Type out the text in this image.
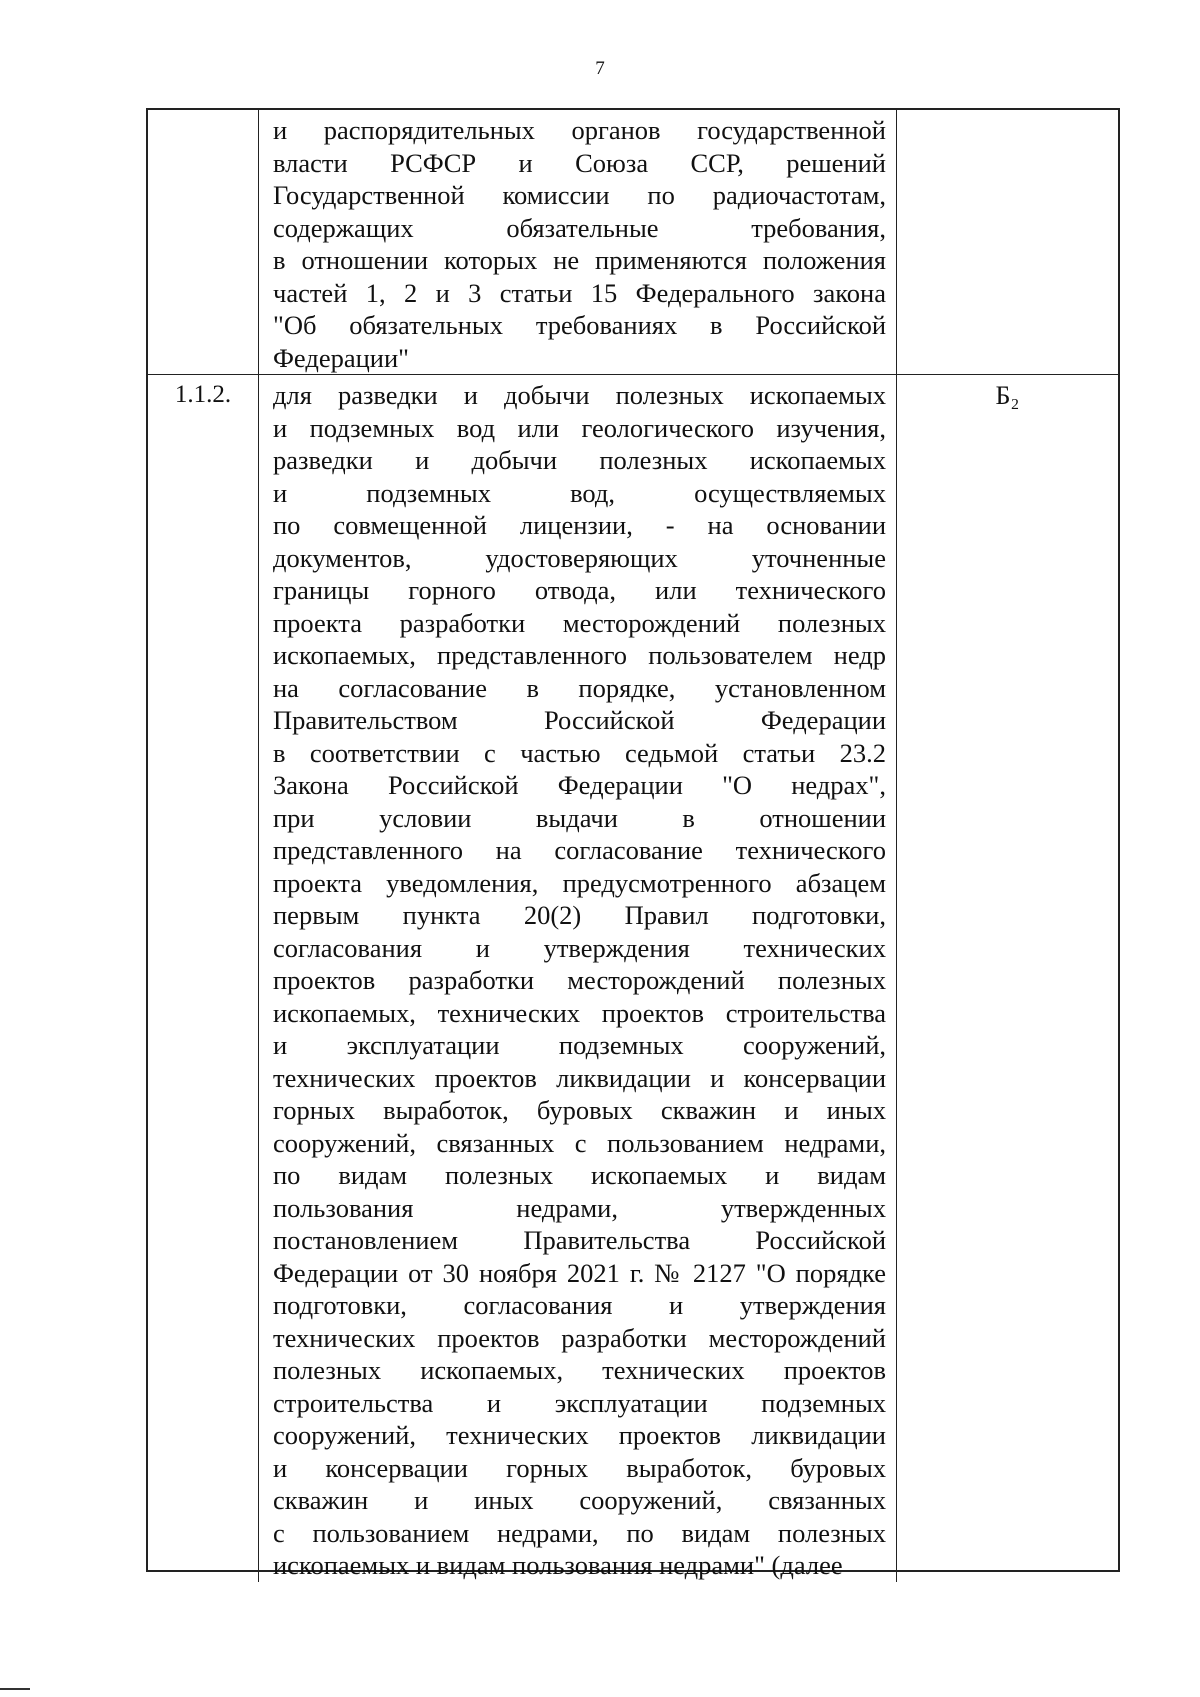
7
и распорядительных органов государственной
власти РСФСР и Союза ССР, решений
Государственной комиссии по радиочастотам,
содержащих обязательные требования,
в отношении которых не применяются положения
частей 1, 2 и 3 статьи 15 Федерального закона
"Об обязательных требованиях в Российской
Федерации"
1.1.2.	для разведки и добычи полезных ископаемых
и подземных вод или геологического изучения,
разведки и добычи полезных ископаемых
и подземных вод, осуществляемых
по совмещенной лицензии, - на основании
документов, удостоверяющих уточненные
границы горного отвода, или технического
проекта разработки месторождений полезных
ископаемых, представленного пользователем недр
на согласование в порядке, установленном
Правительством Российской Федерации
в соответствии с частью седьмой статьи 23.2
Закона Российской Федерации "О недрах",
при условии выдачи в отношении
представленного на согласование технического
проекта уведомления, предусмотренного абзацем
первым пункта 20(2) Правил подготовки,
согласования и утверждения технических
проектов разработки месторождений полезных
ископаемых, технических проектов строительства
и эксплуатации подземных сооружений,
технических проектов ликвидации и консервации
горных выработок, буровых скважин и иных
сооружений, связанных с пользованием недрами,
по видам полезных ископаемых и видам
пользования недрами, утвержденных
постановлением Правительства Российской
Федерации от 30 ноября 2021 г. № 2127 "О порядке
подготовки, согласования и утверждения
технических проектов разработки месторождений
полезных ископаемых, технических проектов
строительства и эксплуатации подземных
сооружений, технических проектов ликвидации
и консервации горных выработок, буровых
скважин и иных сооружений, связанных
с пользованием недрами, по видам полезных
ископаемых и видам пользования недрами" (далее
Б₂
